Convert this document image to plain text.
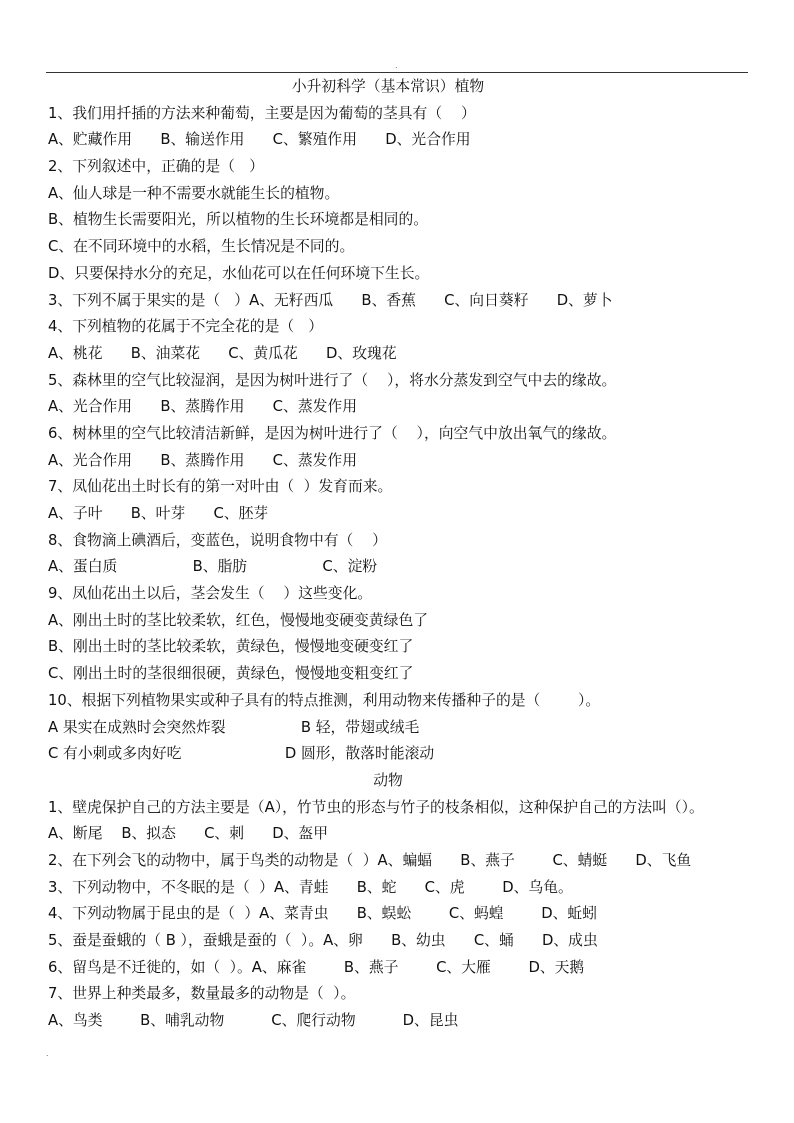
.
小升初科学（基本常识）植物
1、我们用扦插的方法来种葡萄，主要是因为葡萄的茎具有（    ）
A、贮藏作用      B、输送作用      C、繁殖作用      D、光合作用
2、下列叙述中，正确的是（   ）
A、仙人球是一种不需要水就能生长的植物。
B、植物生长需要阳光，所以植物的生长环境都是相同的。
C、在不同环境中的水稻，生长情况是不同的。
D、只要保持水分的充足，水仙花可以在任何环境下生长。
3、下列不属于果实的是（   ）A、无籽西瓜      B、香蕉      C、向日葵籽      D、萝卜
4、下列植物的花属于不完全花的是（   ）
A、桃花      B、油菜花      C、黄瓜花      D、玫瑰花
5、森林里的空气比较湿润，是因为树叶进行了（    ），将水分蒸发到空气中去的缘故。
A、光合作用      B、蒸腾作用      C、蒸发作用
6、树林里的空气比较清洁新鲜，是因为树叶进行了（    ），向空气中放出氧气的缘故。
A、光合作用      B、蒸腾作用      C、蒸发作用
7、凤仙花出土时长有的第一对叶由（  ）发育而来。
A、子叶      B、叶芽      C、胚芽
8、食物滴上碘酒后，变蓝色，说明食物中有（    ）
A、蛋白质                B、脂肪                C、淀粉
9、凤仙花出土以后，茎会发生（    ）这些变化。
A、刚出土时的茎比较柔软，红色，慢慢地变硬变黄绿色了
B、刚出土时的茎比较柔软，黄绿色，慢慢地变硬变红了
C、刚出土时的茎很细很硬，黄绿色，慢慢地变粗变红了
10、根据下列植物果实或种子具有的特点推测，利用动物来传播种子的是（        ）。
A 果实在成熟时会突然炸裂                B 轻，带翅或绒毛
C 有小刺或多肉好吃                      D 圆形，散落时能滚动
动物
1、壁虎保护自己的方法主要是（A），竹节虫的形态与竹子的枝条相似，这种保护自己的方法叫（）。
A、断尾    B、拟态      C、刺      D、盔甲
2、在下列会飞的动物中，属于鸟类的动物是（  ）A、蝙蝠      B、燕子        C、蜻蜓      D、飞鱼
3、下列动物中，不冬眠的是（  ）A、青蛙      B、蛇      C、虎        D、乌龟。
4、下列动物属于昆虫的是（  ）A、菜青虫      B、蜈蚣        C、蚂蝗        D、蚯蚓
5、蚕是蚕蛾的（ B ），蚕蛾是蚕的（  ）。A、卵      B、幼虫      C、蛹      D、成虫
6、留鸟是不迁徙的，如（  ）。A、麻雀        B、燕子        C、大雁        D、天鹅
7、世界上种类最多，数量最多的动物是（  ）。
A、鸟类        B、哺乳动物          C、爬行动物          D、昆虫
.
